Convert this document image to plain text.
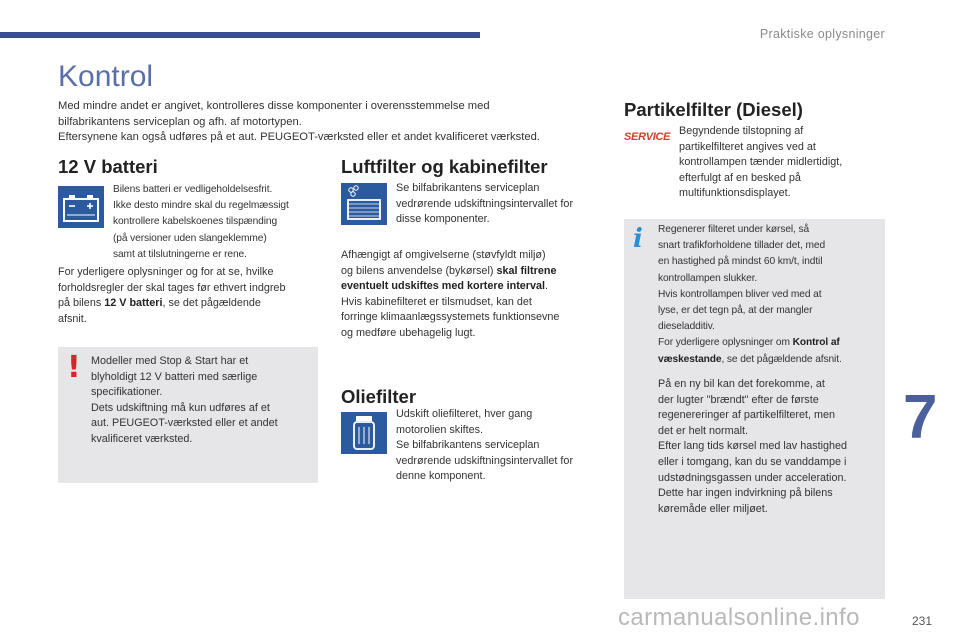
Praktiske oplysninger
Kontrol

Med mindre andet er angivet, kontrolleres disse komponenter i overensstemmelse med
bilfabrikantens serviceplan og afh. af motortypen.
Eftersynene kan også udføres på et aut. PEUGEOT-værksted eller et andet kvalificeret værksted.

12 V batteri

Bilens batteri er vedligeholdelsesfrit.
Ikke desto mindre skal du regelmæssigt
kontrollere kabelskoenes tilspænding
(på versioner uden slangeklemme)
samt at tilslutningerne er rene.

For yderligere oplysninger og for at se, hvilke
forholdsregler der skal tages før ethvert indgreb
på bilens 12 V batteri, se det pågældende
afsnit.

! Modeller med Stop & Start har et
blyholdigt 12 V batteri med særlige
specifikationer.
Dets udskiftning må kun udføres af et
aut. PEUGEOT-værksted eller et andet
kvalificeret værksted.

Luftfilter og kabinefilter

Se bilfabrikantens serviceplan
vedrørende udskiftningsintervallet for
disse komponenter.

Afhængigt af omgivelserne (støvfyldt miljø)
og bilens anvendelse (bykørsel) skal filtrene
eventuelt udskiftes med kortere interval.
Hvis kabinefilteret er tilsmudset, kan det
forringe klimaanlægssystemets funktionsevne
og medføre ubehagelig lugt.

Oliefilter

Udskift oliefilteret, hver gang
motorolien skiftes.
Se bilfabrikantens serviceplan
vedrørende udskiftningsintervallet for
denne komponent.

Partikelfilter (Diesel)
SERVICE Begyndende tilstopning af
partikelfilteret angives ved at
kontrollampen tænder midlertidigt,
efterfulgt af en besked på
multifunktionsdisplayet.

i Regenerer filteret under kørsel, så
snart trafikforholdene tillader det, med
en hastighed på mindst 60 km/t, indtil
kontrollampen slukker.
Hvis kontrollampen bliver ved med at
lyse, er det tegn på, at der mangler
dieseladditiv.
For yderligere oplysninger om Kontrol af
væskestande, se det pågældende afsnit.

På en ny bil kan det forekomme, at
der lugter "brændt" efter de første
regenereringer af partikelfilteret, men
det er helt normalt.
Efter lang tids kørsel med lav hastighed
eller i tomgang, kan du se vanddampe i
udstødningsgassen under acceleration.
Dette har ingen indvirkning på bilens
køremåde eller miljøet.

7
carmanualsonline.info	231
